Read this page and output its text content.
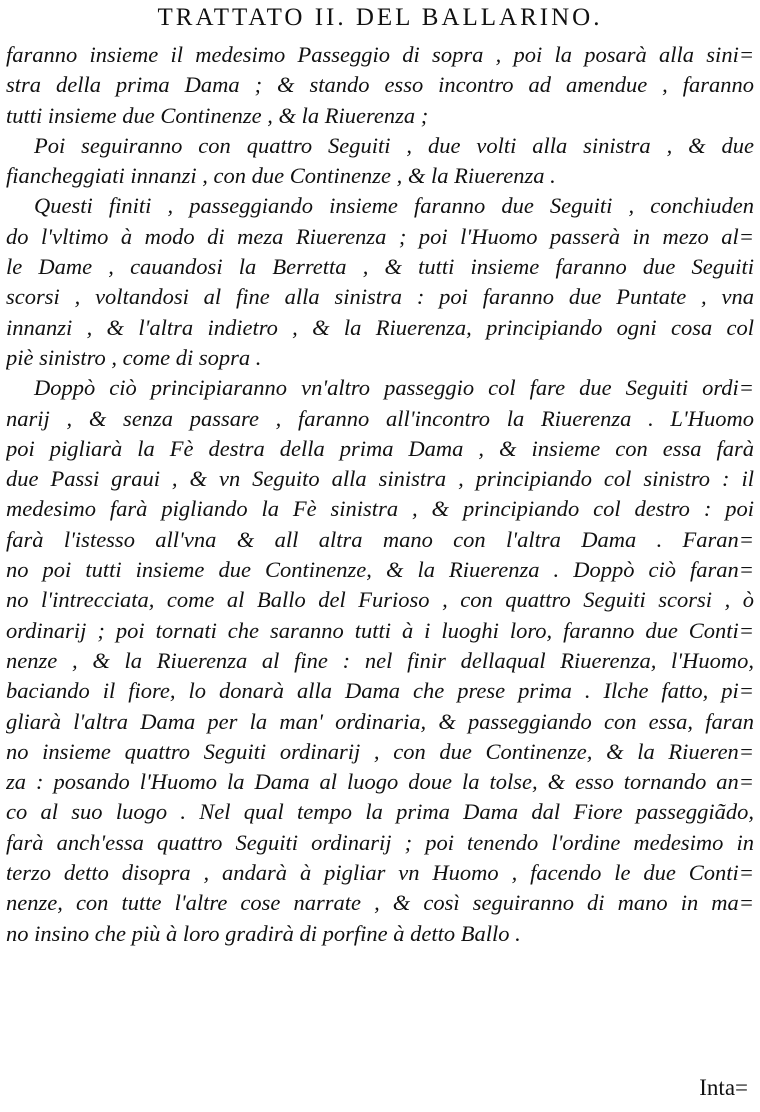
TRATTATO II. DEL BALLARINO.
faranno insieme il medesimo Passeggio di sopra , poi la posarà alla sini=
stra della prima Dama ; & stando esso incontro ad amendue , faranno
tutti insieme due Continenze , & la Riuerenza ;
Poi seguiranno con quattro Seguiti , due volti alla sinistra , & due
fiancheggiati innanzi , con due Continenze , & la Riuerenza .
Questi finiti , passeggiando insieme faranno due Seguiti , conchiuden
do l'vltimo à modo di meza Riuerenza ; poi l'Huomo passerà in mezo al=
le Dame , cauandosi la Berretta , & tutti insieme faranno due Seguiti
scorsi , voltandosi al fine alla sinistra : poi faranno due Puntate , vna
innanzi , & l'altra indietro , & la Riuerenza, principiando ogni cosa col
piè sinistro , come di sopra .
Doppò ciò principiaranno vn'altro passeggio col fare due Seguiti ordi=
narij , & senza passare , faranno all'incontro la Riuerenza . L'Huomo
poi pigliarà la Fè destra della prima Dama , & insieme con essa farà
due Passi graui , & vn Seguito alla sinistra , principiando col sinistro : il
medesimo farà pigliando la Fè sinistra , & principiando col destro : poi
farà l'istesso all'vna & all altra mano con l'altra Dama . Faran=
no poi tutti insieme due Continenze, & la Riuerenza . Doppò ciò faran=
no l'intrecciata, come al Ballo del Furioso , con quattro Seguiti scorsi , ò
ordinarij ; poi tornati che saranno tutti à i luoghi loro, faranno due Conti=
nenze , & la Riuerenza al fine : nel finir dellaqual Riuerenza, l'Huomo,
baciando il fiore, lo donarà alla Dama che prese prima . Ilche fatto, pi=
gliarà l'altra Dama per la man' ordinaria, & passeggiando con essa, faran
no insieme quattro Seguiti ordinarij , con due Continenze, & la Riueren=
za : posando l'Huomo la Dama al luogo doue la tolse, & esso tornando an=
co al suo luogo . Nel qual tempo la prima Dama dal Fiore passeggiãdo,
farà anch'essa quattro Seguiti ordinarij ; poi tenendo l'ordine medesimo in
terzo detto disopra , andarà à pigliar vn Huomo , facendo le due Conti=
nenze, con tutte l'altre cose narrate , & così seguiranno di mano in ma=
no insino che più à loro gradirà di porfine à detto Ballo .
Inta=
